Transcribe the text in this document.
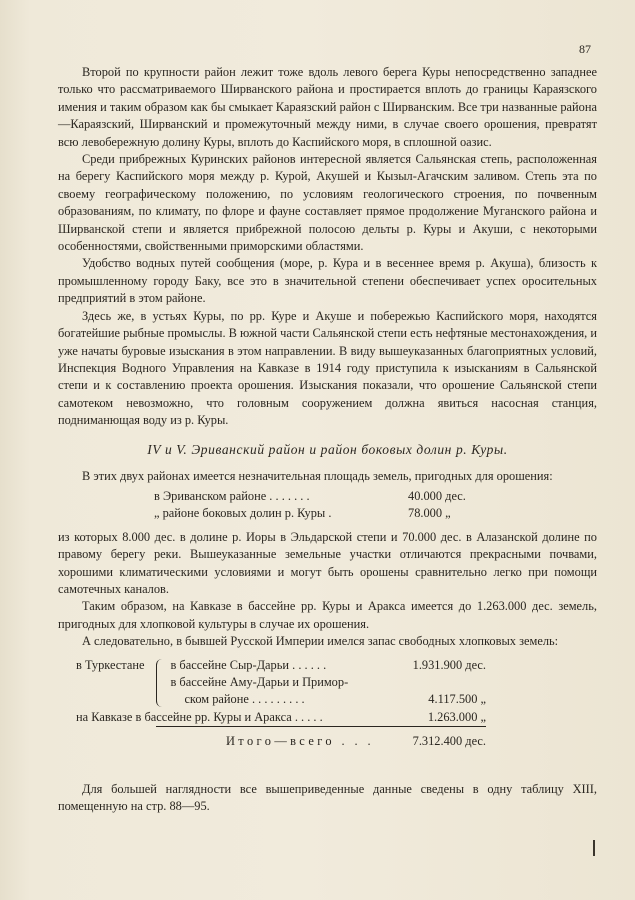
87

Второй по крупности район лежит тоже вдоль левого берега Куры непосредственно западнее только что рассматриваемого Ширванского района и простирается вплоть до границы Караязского имения и таким образом как бы смыкает Караязский район с Ширванским. Все три названные района—Караязский, Ширванский и промежуточный между ними, в случае своего орошения, превратят всю левобережную долину Куры, вплоть до Каспийского моря, в сплошной оазис.

Среди прибрежных Куринских районов интересной является Сальянская степь, расположенная на берегу Каспийского моря между р. Курой, Акушей и Кызыл-Агачским заливом. Степь эта по своему географическому положению, по условиям геологического строения, по почвенным образованиям, по климату, по флоре и фауне составляет прямое продолжение Муганского района и Ширванской степи и является прибрежной полосою дельты р. Куры и Акуши, с некоторыми особенностями, свойственными приморскими областями.

Удобство водных путей сообщения (море, р. Кура и в весеннее время р. Акуша), близость к промышленному городу Баку, все это в значительной степени обеспечивает успех оросительных предприятий в этом районе.

Здесь же, в устьях Куры, по рр. Куре и Акуше и побережью Каспийского моря, находятся богатейшие рыбные промыслы. В южной части Сальянской степи есть нефтяные местонахождения, и уже начаты буровые изыскания в этом направлении. В виду вышеуказанных благоприятных условий, Инспекция Водного Управления на Кавказе в 1914 году приступила к изысканиям в Сальянской степи и к составлению проекта орошения. Изыскания показали, что орошение Сальянской степи самотеком невозможно, что головным сооружением должна явиться насосная станция, подниманющая воду из р. Куры.

IV и V. Эриванский район и район боковых долин р. Куры.

В этих двух районах имеется незначительная площадь земель, пригодных для орошения:

в Эриванском районе . . . . . . .	40.000 дес.
„ районе боковых долин р. Куры .	78.000 „

из которых 8.000 дес. в долине р. Иоры в Эльдарской степи и 70.000 дес. в Алазанской долине по правому берегу реки. Вышеуказанные земельные участки отличаются прекрасными почвами, хорошими климатическими условиями и могут быть орошены сравнительно легко при помощи самотечных каналов.

Таким образом, на Кавказе в бассейне рр. Куры и Аракса имеется до 1.263.000 дес. земель, пригодных для хлопковой культуры в случае их орошения.

А следовательно, в бывшей Русской Империи имелся запас свободных хлопковых земель:

в Туркестане		в бассейне Сыр-Дарьи . . . . . .	1.931.900 дес.
		в бассейне Аму-Дарьи и Примор-	
		ском районе . . . . . . . . .	4.117.500 „
на Кавказе в бассейне рр. Куры и Аракса . . . . .			1.263.000 „

Итого—всего . . .			7.312.400 дес.

Для большей наглядности все вышеприведенные данные сведены в одну таблицу XIII, помещенную на стр. 88—95.
